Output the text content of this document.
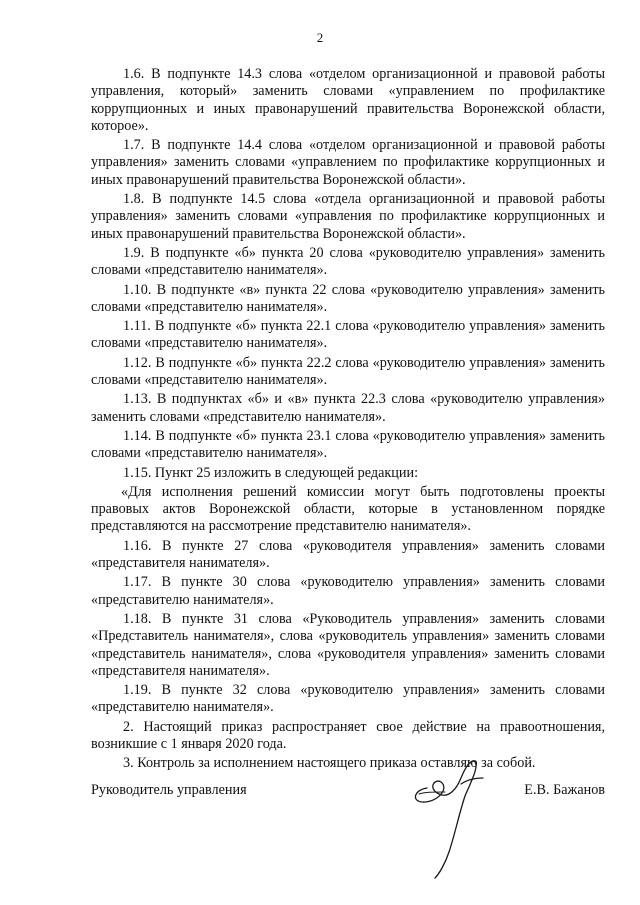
2

1.6. В подпункте 14.3 слова «отделом организационной и правовой работы управления, который» заменить словами «управлением по профилактике коррупционных и иных правонарушений правительства Воронежской области, которое».

1.7. В подпункте 14.4 слова «отделом организационной и правовой работы управления» заменить словами «управлением по профилактике коррупционных и иных правонарушений правительства Воронежской области».

1.8. В подпункте 14.5 слова «отдела организационной и правовой работы управления» заменить словами «управления по профилактике коррупционных и иных правонарушений правительства Воронежской области».

1.9. В подпункте «б» пункта 20 слова «руководителю управления» заменить словами «представителю нанимателя».

1.10. В подпункте «в» пункта 22 слова «руководителю управления» заменить словами «представителю нанимателя».

1.11. В подпункте «б» пункта 22.1 слова «руководителю управления» заменить словами «представителю нанимателя».

1.12. В подпункте «б» пункта 22.2 слова «руководителю управления» заменить словами «представителю нанимателя».

1.13. В подпунктах «б» и «в» пункта 22.3 слова «руководителю управления» заменить словами «представителю нанимателя».

1.14. В подпункте «б» пункта 23.1 слова «руководителю управления» заменить словами «представителю нанимателя».

1.15. Пункт 25 изложить в следующей редакции:

«Для исполнения решений комиссии могут быть подготовлены проекты правовых актов Воронежской области, которые в установленном порядке представляются на рассмотрение представителю нанимателя».

1.16. В пункте 27 слова «руководителя управления» заменить словами «представителя нанимателя».

1.17. В пункте 30 слова «руководителю управления» заменить словами «представителю нанимателя».

1.18. В пункте 31 слова «Руководитель управления» заменить словами «Представитель нанимателя», слова «руководитель управления» заменить словами «представитель нанимателя», слова «руководителя управления» заменить словами «представителя нанимателя».

1.19. В пункте 32 слова «руководителю управления» заменить словами «представителю нанимателя».

2. Настоящий приказ распространяет свое действие на правоотношения, возникшие с 1 января 2020 года.

3. Контроль за исполнением настоящего приказа оставляю за собой.

Руководитель управления	Е.В. Бажанов
